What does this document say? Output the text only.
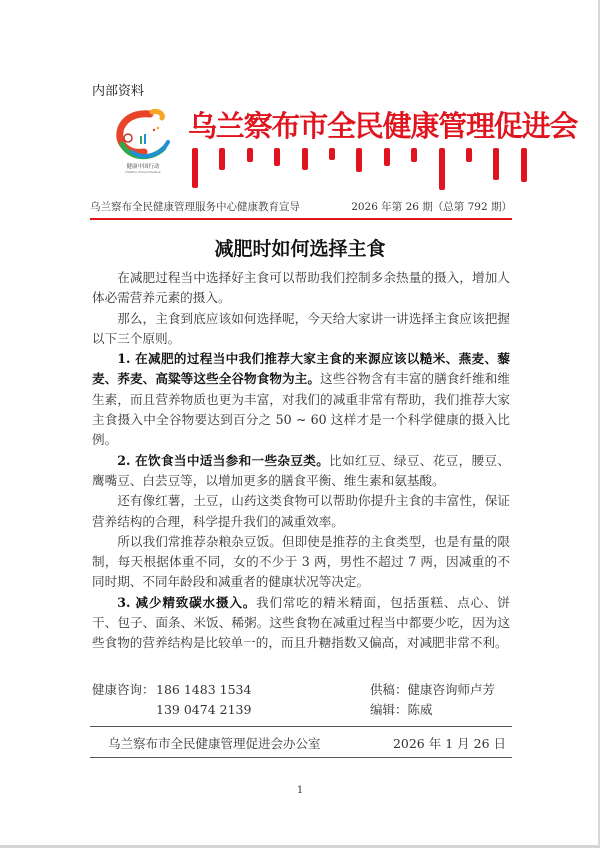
内部资料
健康中国行动
Healthy China Initiative
乌兰察布市全民健康管理促进会
乌兰察布全民健康管理服务中心健康教育宣导	2026 年第 26 期（总第 792 期）
减肥时如何选择主食

在减肥过程当中选择好主食可以帮助我们控制多余热量的摄入，增加人体必需营养元素的摄入。

那么，主食到底应该如何选择呢，今天给大家讲一讲选择主食应该把握以下三个原则。

1. 在减肥的过程当中我们推荐大家主食的来源应该以糙米、燕麦、藜麦、荞麦、高粱等这些全谷物食物为主。这些谷物含有丰富的膳食纤维和维生素，而且营养物质也更为丰富，对我们的减重非常有帮助，我们推荐大家主食摄入中全谷物要达到百分之 50 ~ 60 这样才是一个科学健康的摄入比例。

2. 在饮食当中适当参和一些杂豆类。比如红豆、绿豆、花豆，腰豆、鹰嘴豆、白芸豆等，以增加更多的膳食平衡、维生素和氨基酸。

还有像红薯，土豆，山药这类食物可以帮助你提升主食的丰富性，保证营养结构的合理，科学提升我们的减重效率。

所以我们常推荐杂粮杂豆饭。但即使是推荐的主食类型，也是有量的限制，每天根据体重不同，女的不少于 3 两，男性不超过 7 两，因减重的不同时期、不同年龄段和减重者的健康状况等决定。

3. 减少精致碳水摄入。我们常吃的精米精面，包括蛋糕、点心、饼干、包子、面条、米饭、稀粥。这些食物在减重过程当中都要少吃，因为这些食物的营养结构是比较单一的，而且升糖指数又偏高，对减肥非常不利。

健康咨询：186 1483 1534	供稿：健康咨询师卢芳
139 0474 2139	编辑：陈威
乌兰察布市全民健康管理促进会办公室	2026 年 1 月 26 日
1
